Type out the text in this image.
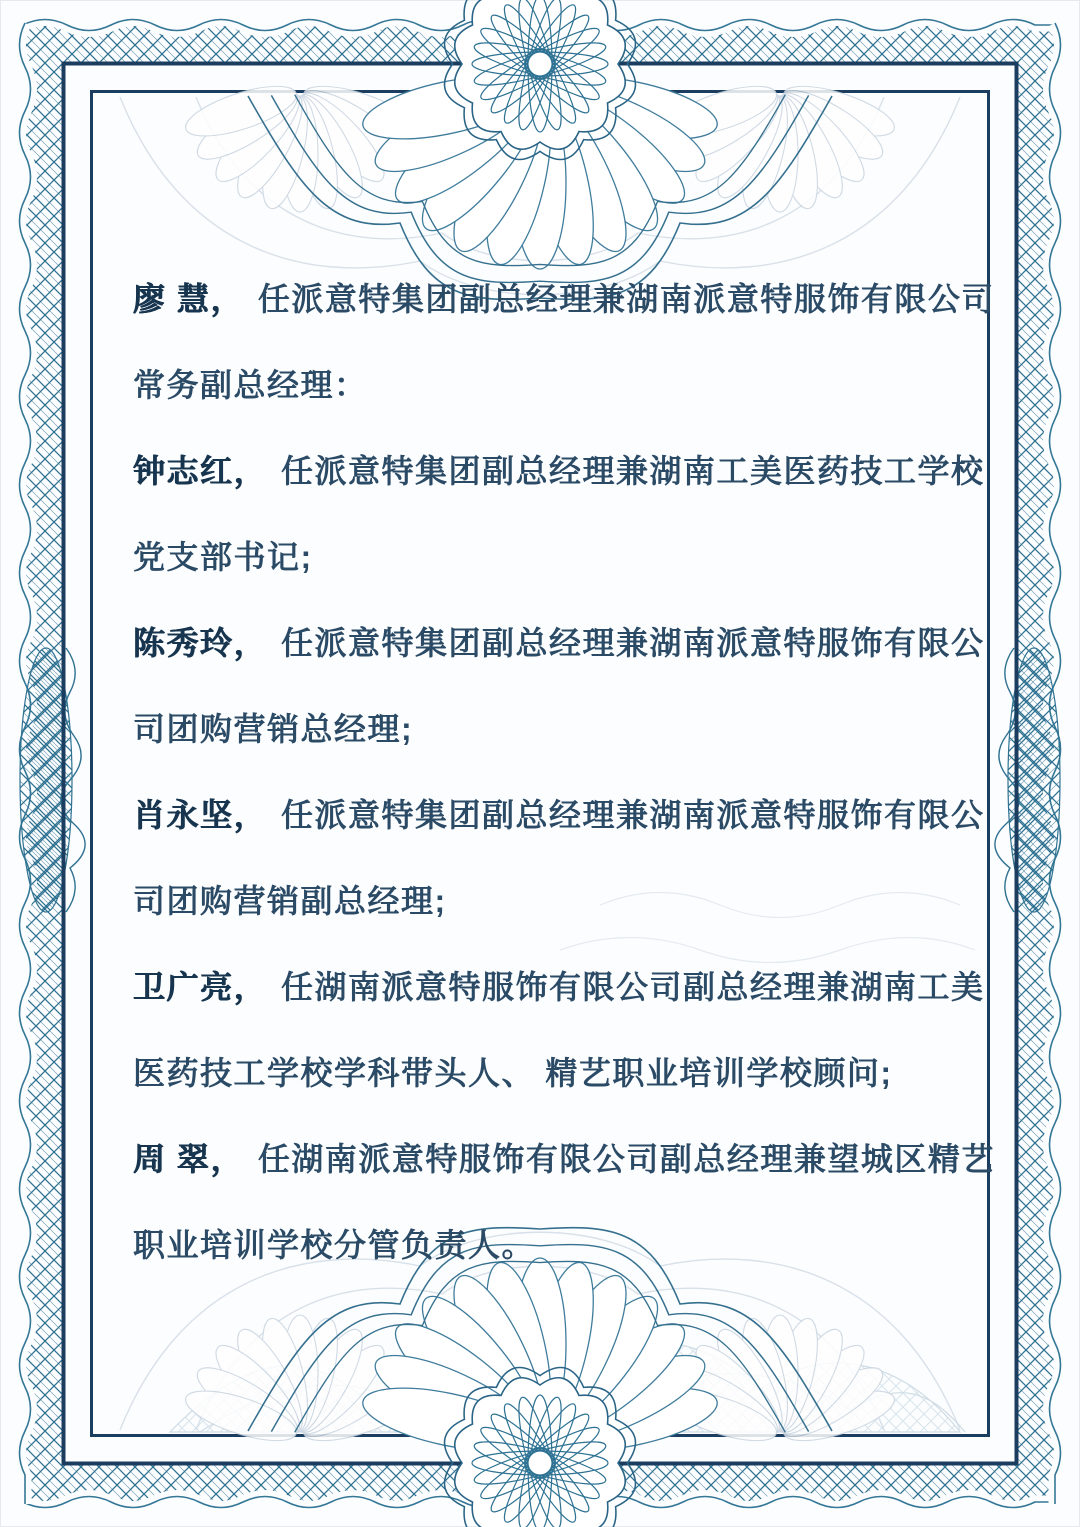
廖 慧， 任派意特集团副总经理兼湖南派意特服饰有限公司
常务副总经理：

钟志红， 任派意特集团副总经理兼湖南工美医药技工学校
党支部书记;

陈秀玲， 任派意特集团副总经理兼湖南派意特服饰有限公
司团购营销总经理;

肖永坚， 任派意特集团副总经理兼湖南派意特服饰有限公
司团购营销副总经理;

卫广亮， 任湖南派意特服饰有限公司副总经理兼湖南工美
医药技工学校学科带头人、 精艺职业培训学校顾问;

周 翠， 任湖南派意特服饰有限公司副总经理兼望城区精艺
职业培训学校分管负责人。
